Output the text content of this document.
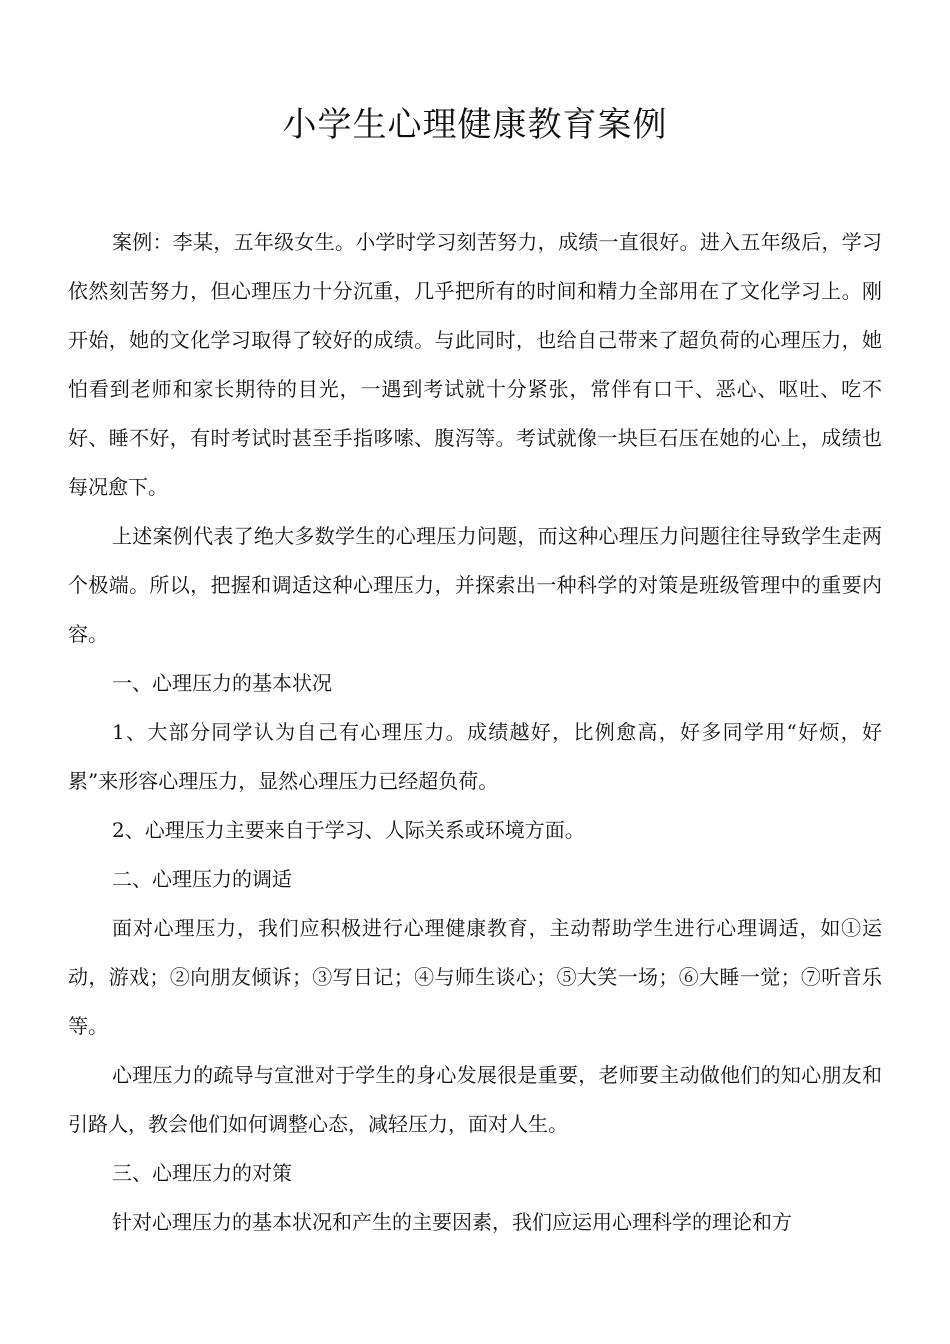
小学生心理健康教育案例

案例：李某，五年级女生。小学时学习刻苦努力，成绩一直很好。进入五年级后，学习依然刻苦努力，但心理压力十分沉重，几乎把所有的时间和精力全部用在了文化学习上。刚开始，她的文化学习取得了较好的成绩。与此同时，也给自己带来了超负荷的心理压力，她怕看到老师和家长期待的目光，一遇到考试就十分紧张，常伴有口干、恶心、呕吐、吃不好、睡不好，有时考试时甚至手指哆嗦、腹泻等。考试就像一块巨石压在她的心上，成绩也每况愈下。

上述案例代表了绝大多数学生的心理压力问题，而这种心理压力问题往往导致学生走两个极端。所以，把握和调适这种心理压力，并探索出一种科学的对策是班级管理中的重要内容。

一、心理压力的基本状况

1、大部分同学认为自己有心理压力。成绩越好，比例愈高，好多同学用“好烦，好累”来形容心理压力，显然心理压力已经超负荷。

2、心理压力主要来自于学习、人际关系或环境方面。

二、心理压力的调适

面对心理压力，我们应积极进行心理健康教育，主动帮助学生进行心理调适，如①运动，游戏；②向朋友倾诉；③写日记；④与师生谈心；⑤大笑一场；⑥大睡一觉；⑦听音乐等。

心理压力的疏导与宣泄对于学生的身心发展很是重要，老师要主动做他们的知心朋友和引路人，教会他们如何调整心态，减轻压力，面对人生。

三、心理压力的对策

针对心理压力的基本状况和产生的主要因素，我们应运用心理科学的理论和方
